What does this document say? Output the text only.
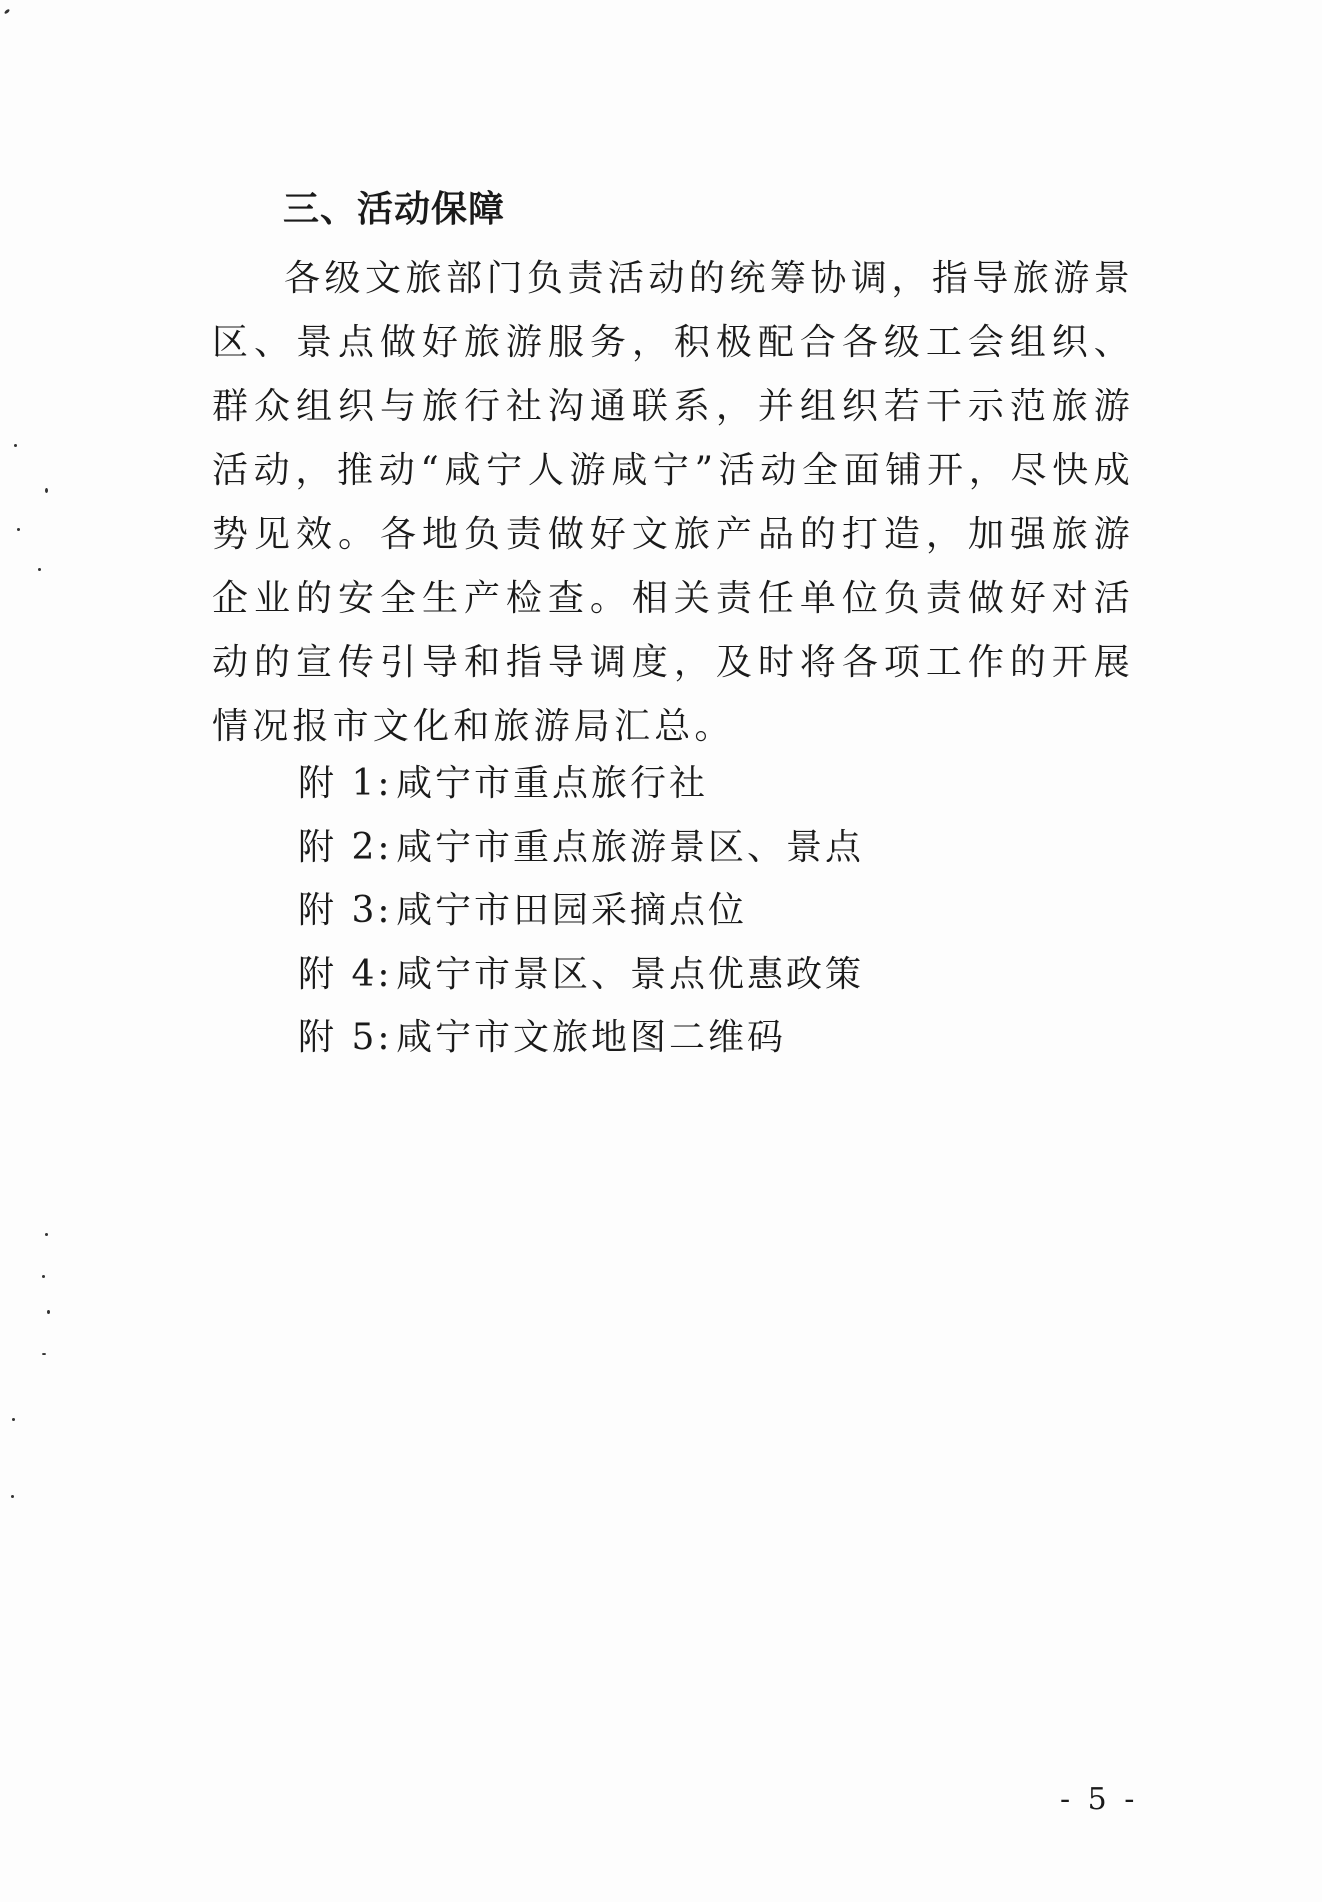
三、活动保障

各级文旅部门负责活动的统筹协调，指导旅游景区、景点做好旅游服务，积极配合各级工会组织、群众组织与旅行社沟通联系，并组织若干示范旅游活动，推动“咸宁人游咸宁”活动全面铺开，尽快成势见效。各地负责做好文旅产品的打造，加强旅游企业的安全生产检查。相关责任单位负责做好对活动的宣传引导和指导调度，及时将各项工作的开展情况报市文化和旅游局汇总。

附 1:咸宁市重点旅行社
附 2:咸宁市重点旅游景区、景点
附 3:咸宁市田园采摘点位
附 4:咸宁市景区、景点优惠政策
附 5:咸宁市文旅地图二维码
- 5 -
